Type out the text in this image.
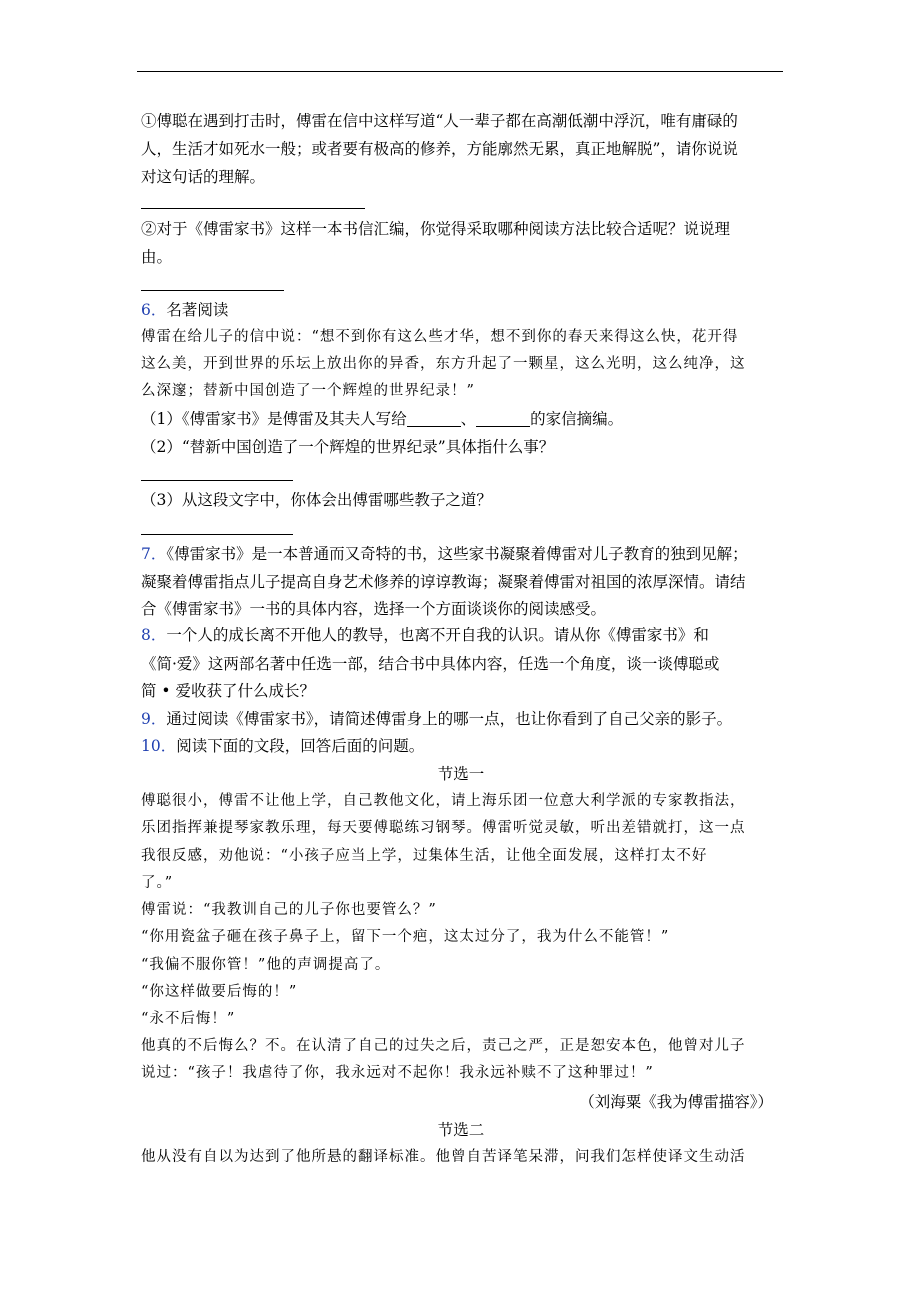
①傅聪在遇到打击时，傅雷在信中这样写道“人一辈子都在高潮低潮中浮沉，唯有庸碌的
人，生活才如死水一般；或者要有极高的修养，方能廓然无累，真正地解脱”，请你说说
对这句话的理解。
②对于《傅雷家书》这样一本书信汇编，你觉得采取哪种阅读方法比较合适呢？说说理
由。
6．名著阅读
傅雷在给儿子的信中说：“想不到你有这么些才华，想不到你的春天来得这么快，花开得
这么美，开到世界的乐坛上放出你的异香，东方升起了一颗星，这么光明，这么纯净，这
么深邃；替新中国创造了一个辉煌的世界纪录！”
（1）《傅雷家书》是傅雷及其夫人写给	、	的家信摘编。
（2）“替新中国创造了一个辉煌的世界纪录”具体指什么事？
（3）从这段文字中，你体会出傅雷哪些教子之道？
7．《傅雷家书》是一本普通而又奇特的书，这些家书凝聚着傅雷对儿子教育的独到见解；
凝聚着傅雷指点儿子提高自身艺术修养的谆谆教诲；凝聚着傅雷对祖国的浓厚深情。请结
合《傅雷家书》一书的具体内容，选择一个方面谈谈你的阅读感受。
8．一个人的成长离不开他人的教导，也离不开自我的认识。请从你《傅雷家书》和
《简·爱》这两部名著中任选一部，结合书中具体内容，任选一个角度，谈一谈傅聪或
简 • 爱收获了什么成长？
9．通过阅读《傅雷家书》，请简述傅雷身上的哪一点，也让你看到了自己父亲的影子。
10．阅读下面的文段，回答后面的问题。
节选一
傅聪很小，傅雷不让他上学，自己教他文化，请上海乐团一位意大利学派的专家教指法，
乐团指挥兼提琴家教乐理，每天要傅聪练习钢琴。傅雷听觉灵敏，听出差错就打，这一点
我很反感，劝他说：“小孩子应当上学，过集体生活，让他全面发展，这样打太不好
了。”
傅雷说：“我教训自己的儿子你也要管么？”
“你用瓷盆子砸在孩子鼻子上，留下一个疤，这太过分了，我为什么不能管！”
“我偏不服你管！”他的声调提高了。
“你这样做要后悔的！”
“永不后悔！”
他真的不后悔么？不。在认清了自己的过失之后，责己之严，正是恕安本色，他曾对儿子
说过：“孩子！我虐待了你，我永远对不起你！我永远补赎不了这种罪过！”
（刘海粟《我为傅雷描容》）
节选二
他从没有自以为达到了他所悬的翻译标准。他曾自苦译笔呆滞，问我们怎样使译文生动活
